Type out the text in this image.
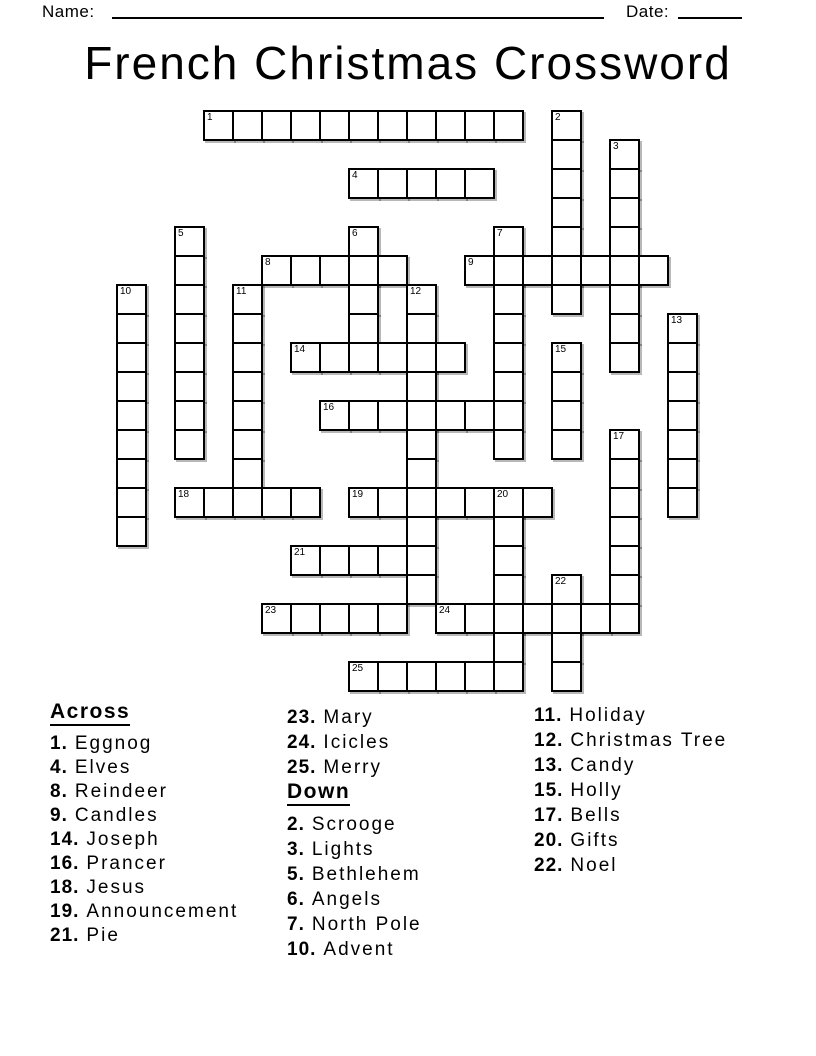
Name:	Date:
French Christmas Crossword
1	2
3
4
5	6	7
8	9
10	11	12
13
14	15
16
17
18	19	20
21
22
23	24
25
Across
1. Eggnog
4. Elves
8. Reindeer
9. Candles
14. Joseph
16. Prancer
18. Jesus
19. Announcement
21. Pie
23. Mary
24. Icicles
25. Merry
Down
2. Scrooge
3. Lights
5. Bethlehem
6. Angels
7. North Pole
10. Advent
11. Holiday
12. Christmas Tree
13. Candy
15. Holly
17. Bells
20. Gifts
22. Noel
